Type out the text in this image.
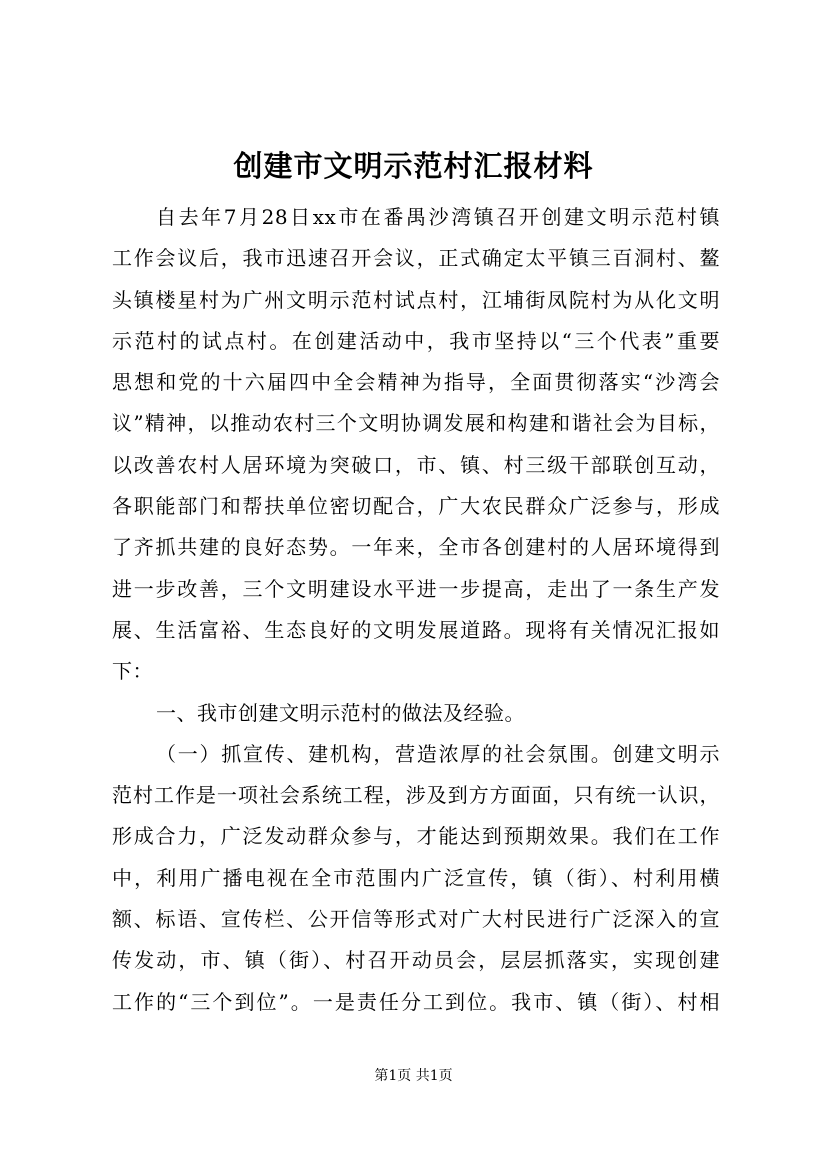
创建市文明示范村汇报材料
自去年7月28日xx市在番禺沙湾镇召开创建文明示范村镇
工作会议后，我市迅速召开会议，正式确定太平镇三百洞村、鳌
头镇楼星村为广州文明示范村试点村，江埔街凤院村为从化文明
示范村的试点村。在创建活动中，我市坚持以“三个代表”重要
思想和党的十六届四中全会精神为指导，全面贯彻落实“沙湾会
议”精神，以推动农村三个文明协调发展和构建和谐社会为目标，
以改善农村人居环境为突破口，市、镇、村三级干部联创互动，
各职能部门和帮扶单位密切配合，广大农民群众广泛参与，形成
了齐抓共建的良好态势。一年来，全市各创建村的人居环境得到
进一步改善，三个文明建设水平进一步提高，走出了一条生产发
展、生活富裕、生态良好的文明发展道路。现将有关情况汇报如
下：
一、我市创建文明示范村的做法及经验。
（一）抓宣传、建机构，营造浓厚的社会氛围。创建文明示
范村工作是一项社会系统工程，涉及到方方面面，只有统一认识，
形成合力，广泛发动群众参与，才能达到预期效果。我们在工作
中，利用广播电视在全市范围内广泛宣传，镇（街）、村利用横
额、标语、宣传栏、公开信等形式对广大村民进行广泛深入的宣
传发动，市、镇（街）、村召开动员会，层层抓落实，实现创建
工作的“三个到位”。一是责任分工到位。我市、镇（街）、村相
第1页 共1页
